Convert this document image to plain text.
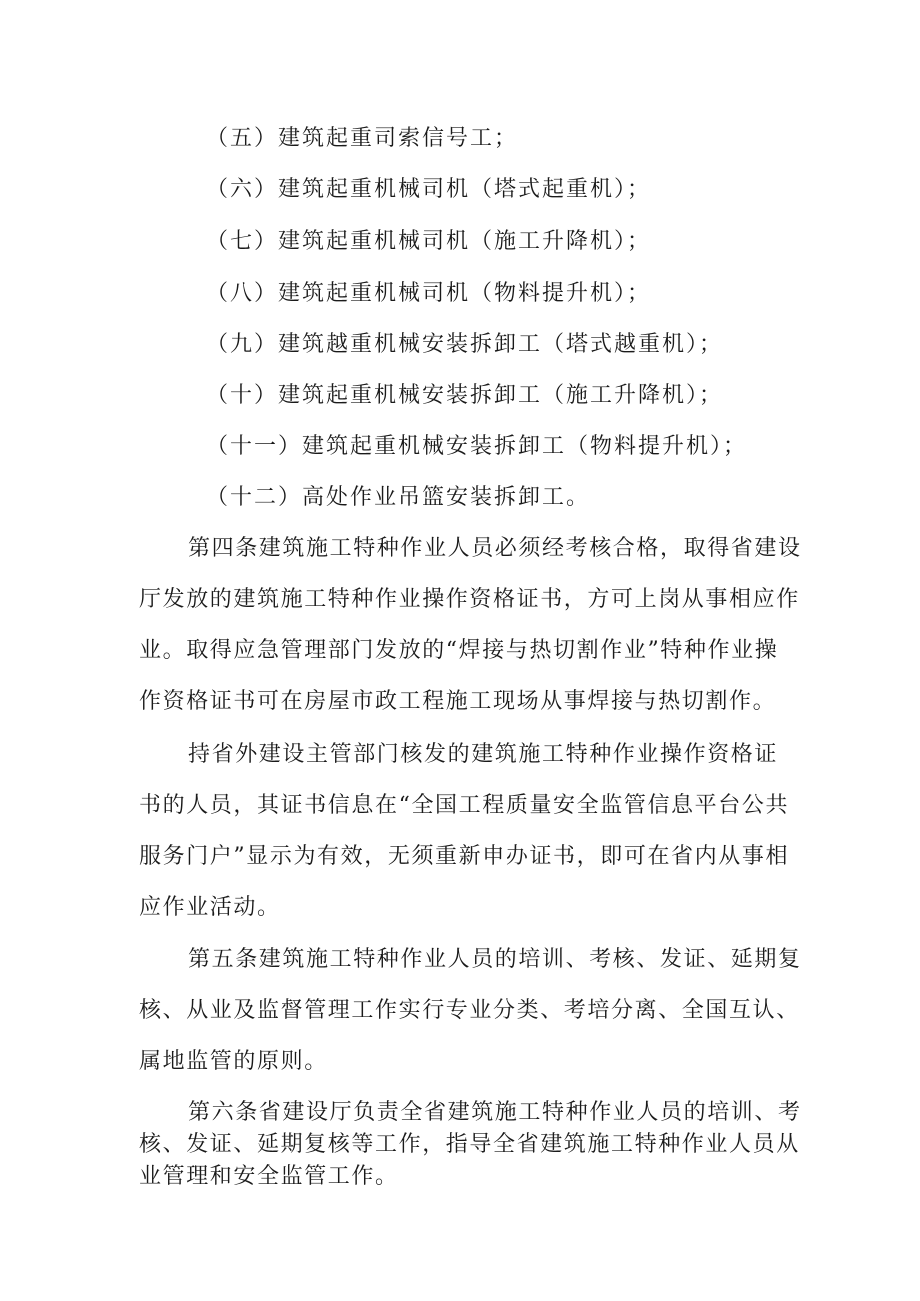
（五）建筑起重司索信号工；
（六）建筑起重机械司机（塔式起重机）；
（七）建筑起重机械司机（施工升降机）；
（八）建筑起重机械司机（物料提升机）；
（九）建筑越重机械安装拆卸工（塔式越重机）；
（十）建筑起重机械安装拆卸工（施工升降机）；
（十一）建筑起重机械安装拆卸工（物料提升机）；
（十二）高处作业吊篮安装拆卸工。
第四条建筑施工特种作业人员必须经考核合格，取得省建设
厅发放的建筑施工特种作业操作资格证书，方可上岗从事相应作
业。取得应急管理部门发放的“焊接与热切割作业”特种作业操
作资格证书可在房屋市政工程施工现场从事焊接与热切割作。
持省外建设主管部门核发的建筑施工特种作业操作资格证
书的人员，其证书信息在“全国工程质量安全监管信息平台公共
服务门户”显示为有效，无须重新申办证书，即可在省内从事相
应作业活动。
第五条建筑施工特种作业人员的培训、考核、发证、延期复
核、从业及监督管理工作实行专业分类、考培分离、全国互认、
属地监管的原则。
第六条省建设厅负责全省建筑施工特种作业人员的培训、考
核、发证、延期复核等工作，指导全省建筑施工特种作业人员从
业管理和安全监管工作。
